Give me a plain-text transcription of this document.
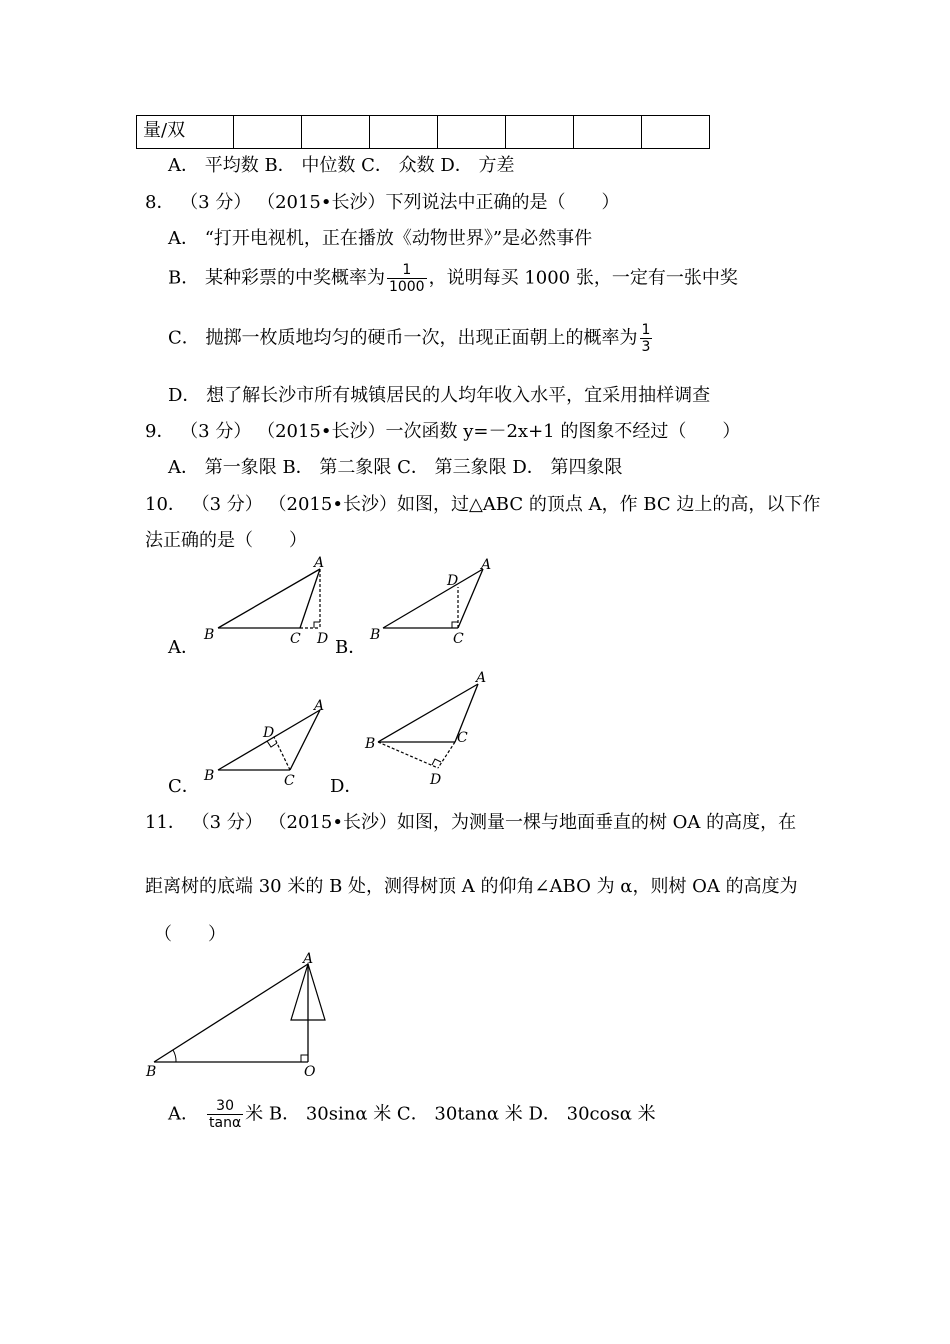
量/双							
A． 平均数 B． 中位数 C． 众数 D． 方差
8． （3 分） （2015•长沙）下列说法中正确的是（　　）
A． “打开电视机，正在播放《动物世界》”是必然事件
B． 某种彩票的中奖概率为 $\frac{1}{1000}$ ，说明每买 1000 张，一定有一张中奖
C． 抛掷一枚质地均匀的硬币一次，出现正面朝上的概率为 $\frac{1}{3}$
D． 想了解长沙市所有城镇居民的人均年收入水平，宜采用抽样调查
9． （3 分） （2015•长沙）一次函数 y=－2x+1 的图象不经过（　　）
A． 第一象限 B． 第二象限 C． 第三象限 D． 第四象限
10． （3 分） （2015•长沙）如图，过△ABC 的顶点 A，作 BC 边上的高，以下作
法正确的是（　　）
A．	B．
C．	D．
A
B	C D
A
B	C
D
A
B	C
D
A
B	C
D
11． （3 分） （2015•长沙）如图，为测量一棵与地面垂直的树 OA 的高度，在
距离树的底端 30 米的 B 处，测得树顶 A 的仰角∠ABO 为 α，则树 OA 的高度为
（　　）
A
B	O
A． $\frac{30}{\tan\alpha}$ 米 B． 30sinα 米 C． 30tanα 米 D． 30cosα 米
